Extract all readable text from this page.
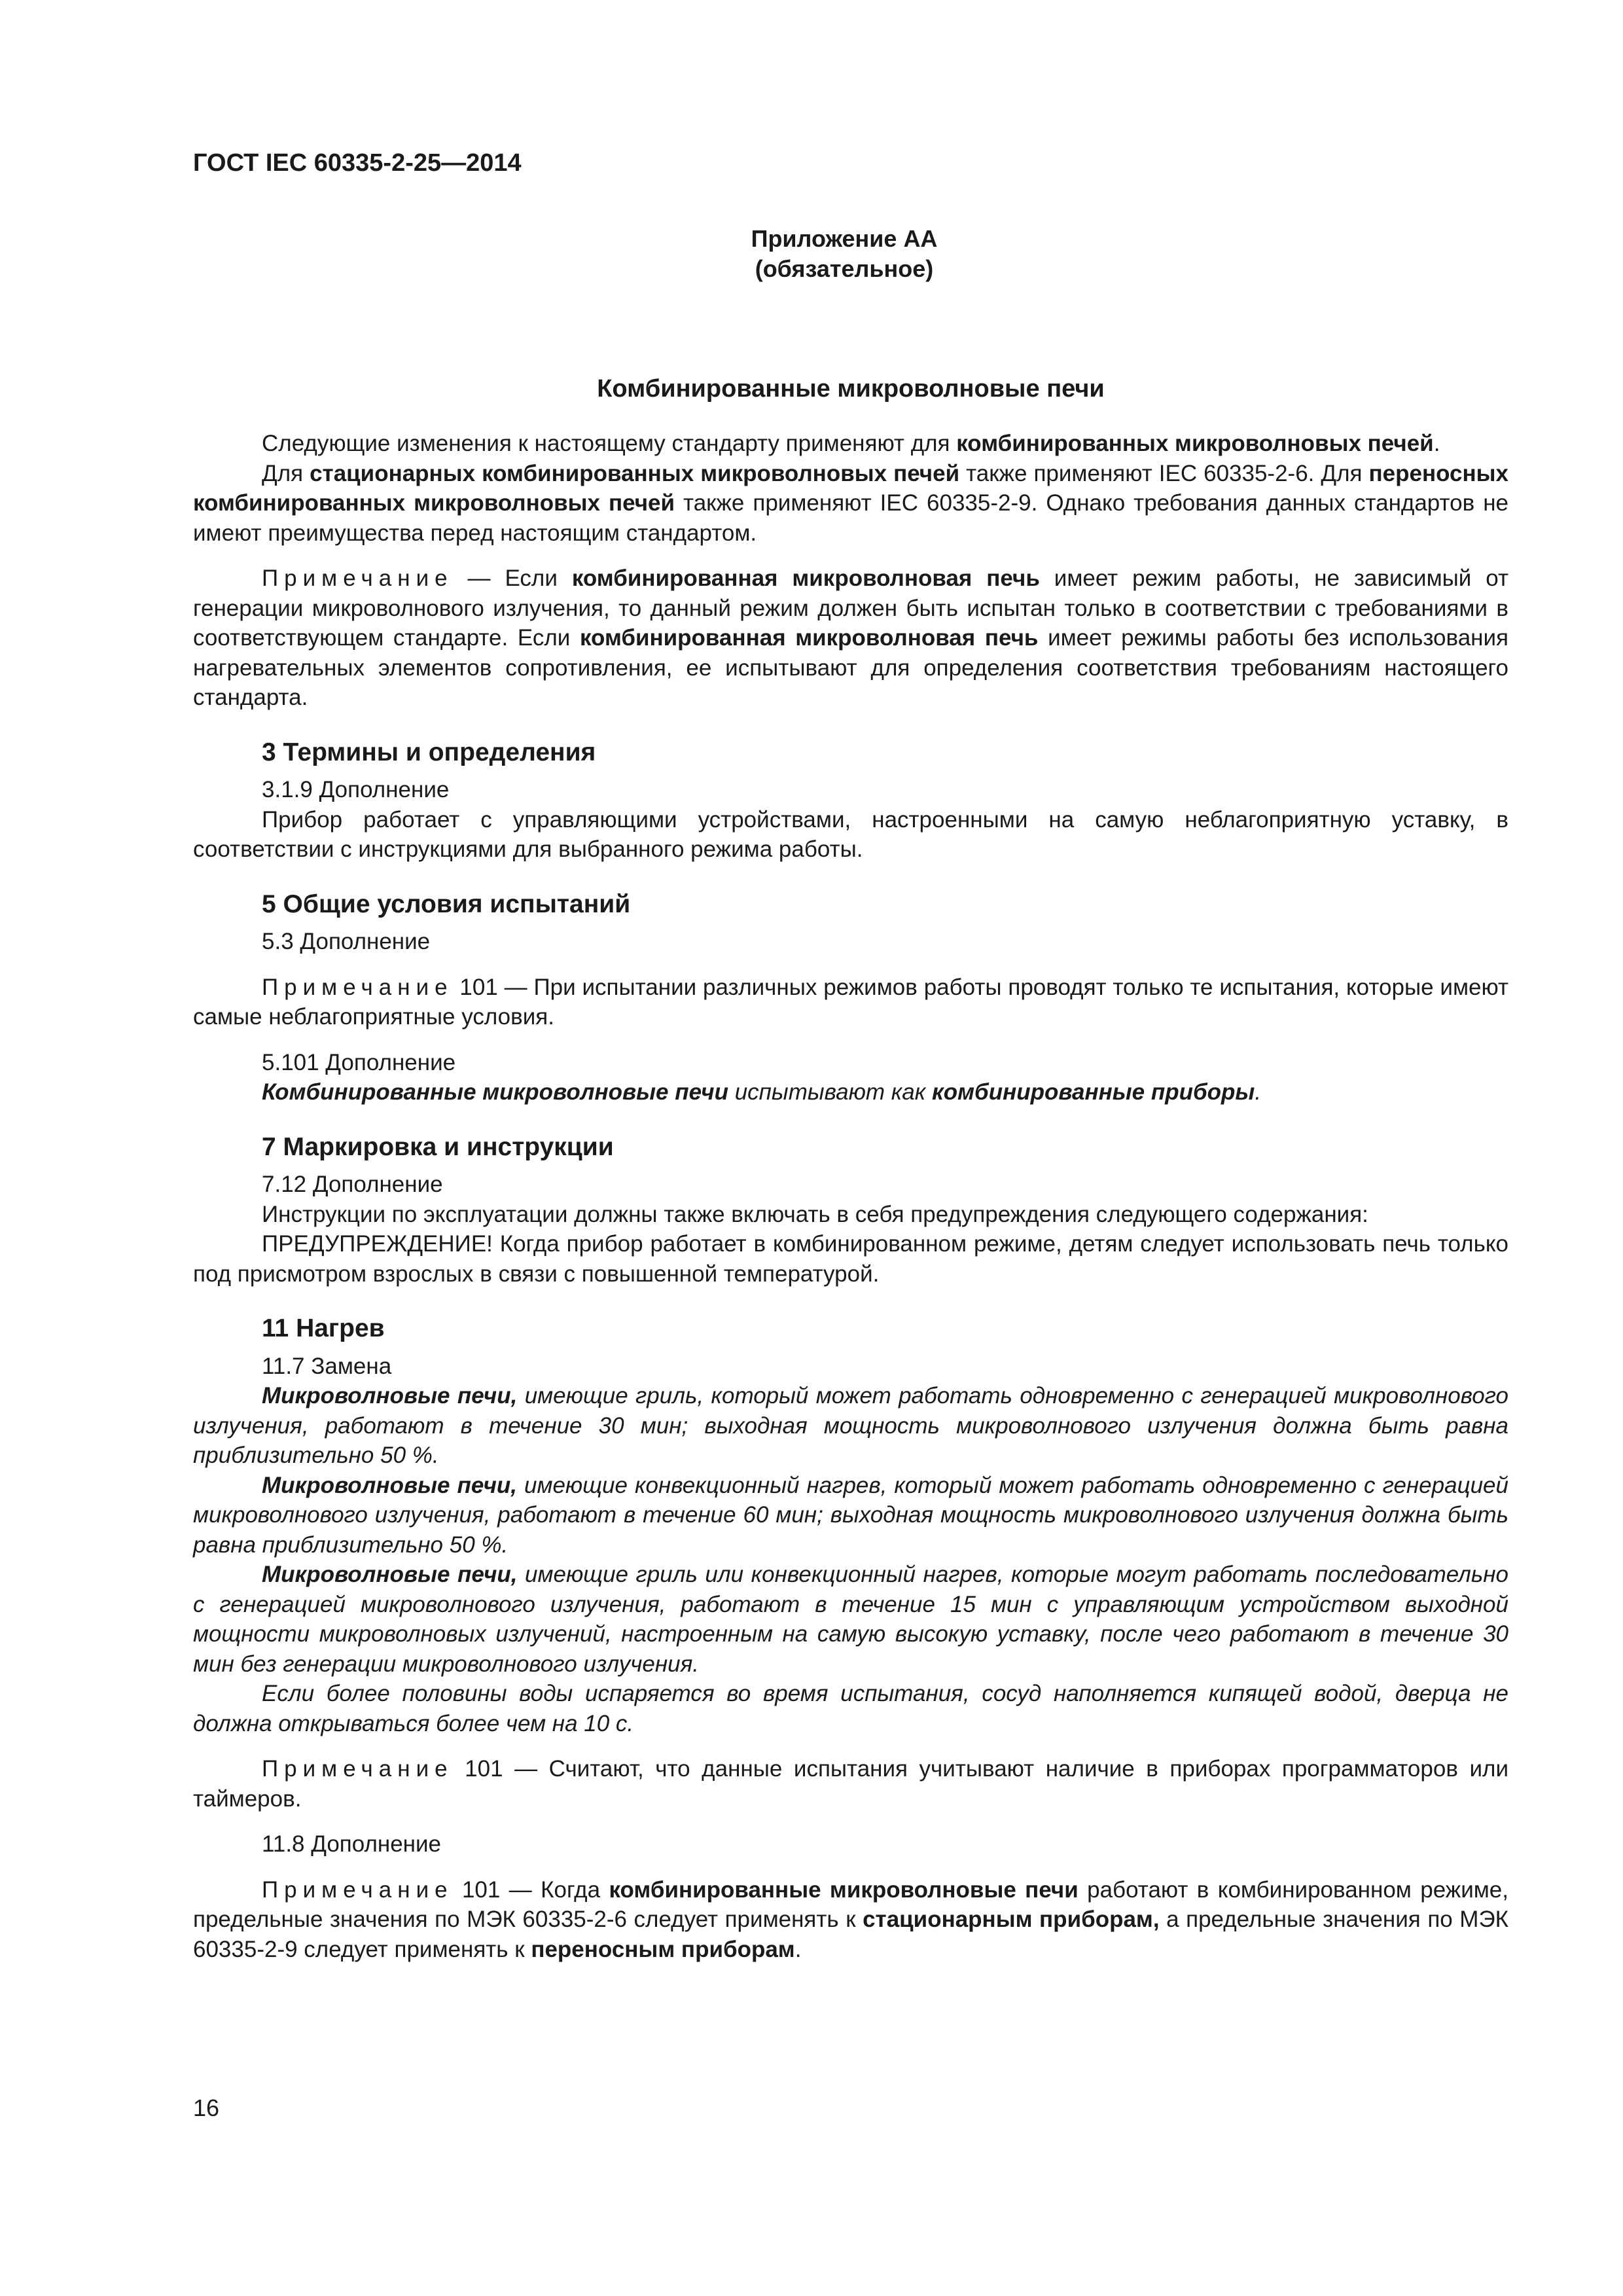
ГОСТ IEC 60335-2-25—2014
Приложение АА
(обязательное)
Комбинированные микроволновые печи

Следующие изменения к настоящему стандарту применяют для комбинированных микроволновых печей.

Для стационарных комбинированных микроволновых печей также применяют IEC 60335-2-6. Для переносных комбинированных микроволновых печей также применяют IEC 60335-2-9. Однако требования данных стандартов не имеют преимущества перед настоящим стандартом.

Примечание — Если комбинированная микроволновая печь имеет режим работы, не зависимый от генерации микроволнового излучения, то данный режим должен быть испытан только в соответствии с требованиями в соответствующем стандарте. Если комбинированная микроволновая печь имеет режимы работы без использования нагревательных элементов сопротивления, ее испытывают для определения соответствия требованиям настоящего стандарта.

3 Термины и определения

3.1.9 Дополнение

Прибор работает с управляющими устройствами, настроенными на самую неблагоприятную уставку, в соответствии с инструкциями для выбранного режима работы.

5 Общие условия испытаний

5.3 Дополнение

Примечание 101 — При испытании различных режимов работы проводят только те испытания, которые имеют самые неблагоприятные условия.

5.101 Дополнение

Комбинированные микроволновые печи испытывают как комбинированные приборы.

7 Маркировка и инструкции

7.12 Дополнение

Инструкции по эксплуатации должны также включать в себя предупреждения следующего содержания:

ПРЕДУПРЕЖДЕНИЕ! Когда прибор работает в комбинированном режиме, детям следует использовать печь только под присмотром взрослых в связи с повышенной температурой.

11 Нагрев

11.7 Замена

Микроволновые печи, имеющие гриль, который может работать одновременно с генерацией микроволнового излучения, работают в течение 30 мин; выходная мощность микроволнового излучения должна быть равна приблизительно 50 %.

Микроволновые печи, имеющие конвекционный нагрев, который может работать одновременно с генерацией микроволнового излучения, работают в течение 60 мин; выходная мощность микроволнового излучения должна быть равна приблизительно 50 %.

Микроволновые печи, имеющие гриль или конвекционный нагрев, которые могут работать последовательно с генерацией микроволнового излучения, работают в течение 15 мин с управляющим устройством выходной мощности микроволновых излучений, настроенным на самую высокую уставку, после чего работают в течение 30 мин без генерации микроволнового излучения.

Если более половины воды испаряется во время испытания, сосуд наполняется кипящей водой, дверца не должна открываться более чем на 10 с.

Примечание 101 — Считают, что данные испытания учитывают наличие в приборах программаторов или таймеров.

11.8 Дополнение

Примечание 101 — Когда комбинированные микроволновые печи работают в комбинированном режиме, предельные значения по МЭК 60335-2-6 следует применять к стационарным приборам, а предельные значения по МЭК 60335-2-9 следует применять к переносным приборам.

16
